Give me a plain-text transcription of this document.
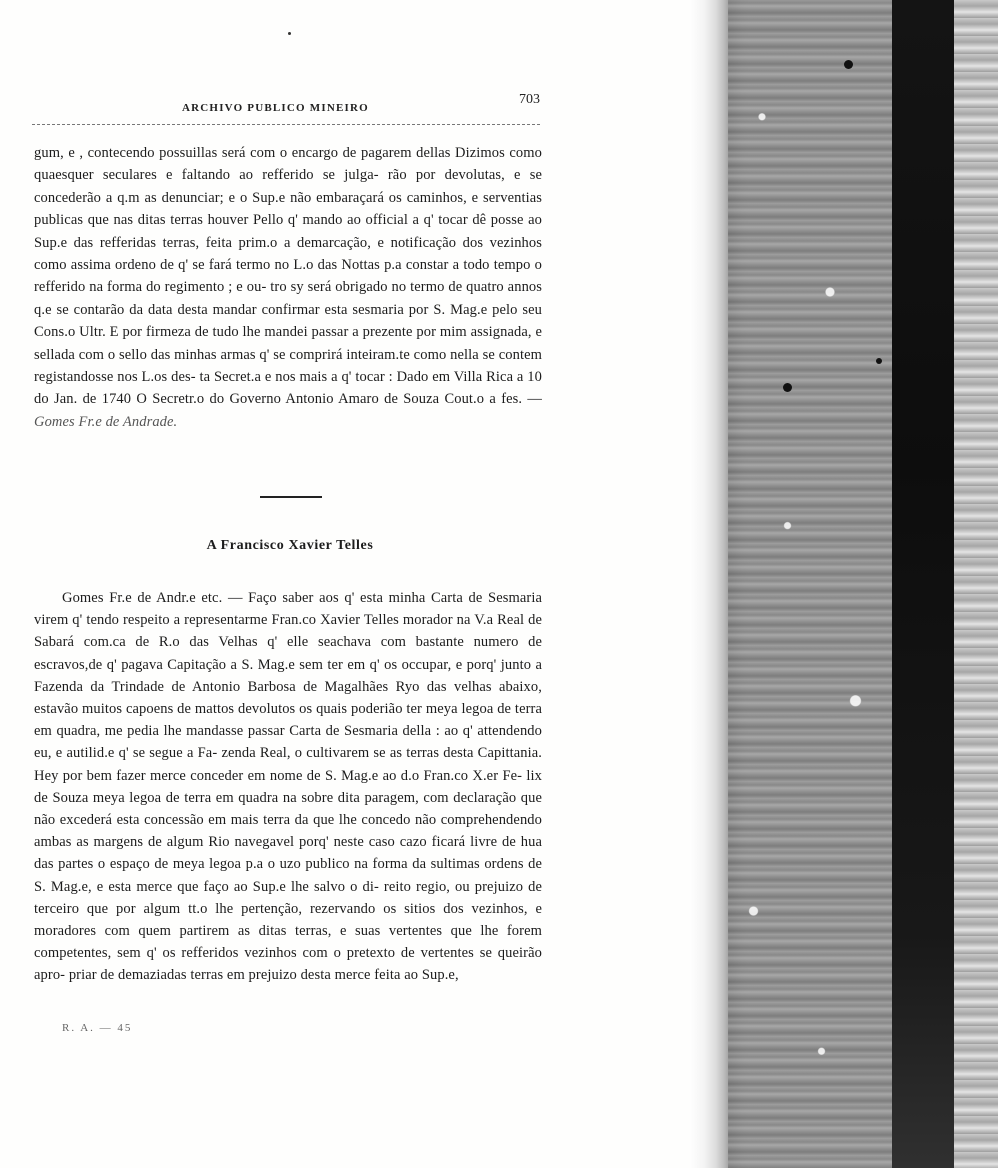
ARCHIVO PUBLICO MINEIRO
703

gum, e , contecendo possuillas será com o encargo de pagarem dellas Dizimos como quaesquer seculares e faltando ao refferido se julga- rão por devolutas, e se concederão a q.m as denunciar; e o Sup.e não embaraçará os caminhos, e serventias publicas que nas ditas terras houver Pello q' mando ao official a q' tocar dê posse ao Sup.e das refferidas terras, feita prim.o a demarcação, e notificação dos vezinhos como assima ordeno de q' se fará termo no L.o das Nottas p.a constar a todo tempo o refferido na forma do regimento ; e ou- tro sy será obrigado no termo de quatro annos q.e se contarão da data desta mandar confirmar esta sesmaria por S. Mag.e pelo seu Cons.o Ultr. E por firmeza de tudo lhe mandei passar a prezente por mim assignada, e sellada com o sello das minhas armas q' se comprirá inteiram.te como nella se contem registandosse nos L.os des- ta Secret.a e nos mais a q' tocar : Dado em Villa Rica a 10 do Jan. de 1740 O Secretr.o do Governo Antonio Amaro de Souza Cout.o a fes. — Gomes Fr.e de Andrade.

A Francisco Xavier Telles

Gomes Fr.e de Andr.e etc. — Faço saber aos q' esta minha Carta de Sesmaria virem q' tendo respeito a representarme Fran.co Xavier Telles morador na V.a Real de Sabará com.ca de R.o das Velhas q' elle seachava com bastante numero de escravos,de q' pagava Capitação a S. Mag.e sem ter em q' os occupar, e porq' junto a Fazenda da Trindade de Antonio Barbosa de Magalhães Ryo das velhas abaixo, estavão muitos capoens de mattos devolutos os quais poderião ter meya legoa de terra em quadra, me pedia lhe mandasse passar Carta de Sesmaria della : ao q' attendendo eu, e autilid.e q' se segue a Fa- zenda Real, o cultivarem se as terras desta Capittania. Hey por bem fazer merce conceder em nome de S. Mag.e ao d.o Fran.co X.er Fe- lix de Souza meya legoa de terra em quadra na sobre dita paragem, com declaração que não excederá esta concessão em mais terra da que lhe concedo não comprehendendo ambas as margens de algum Rio navegavel porq' neste caso cazo ficará livre de hua das partes o espaço de meya legoa p.a o uzo publico na forma da sultimas ordens de S. Mag.e, e esta merce que faço ao Sup.e lhe salvo o di- reito regio, ou prejuizo de terceiro que por algum tt.o lhe pertenção, rezervando os sitios dos vezinhos, e moradores com quem partirem as ditas terras, e suas vertentes que lhe forem competentes, sem q' os refferidos vezinhos com o pretexto de vertentes se queirão apro- priar de demaziadas terras em prejuizo desta merce feita ao Sup.e,

R. A. — 45
